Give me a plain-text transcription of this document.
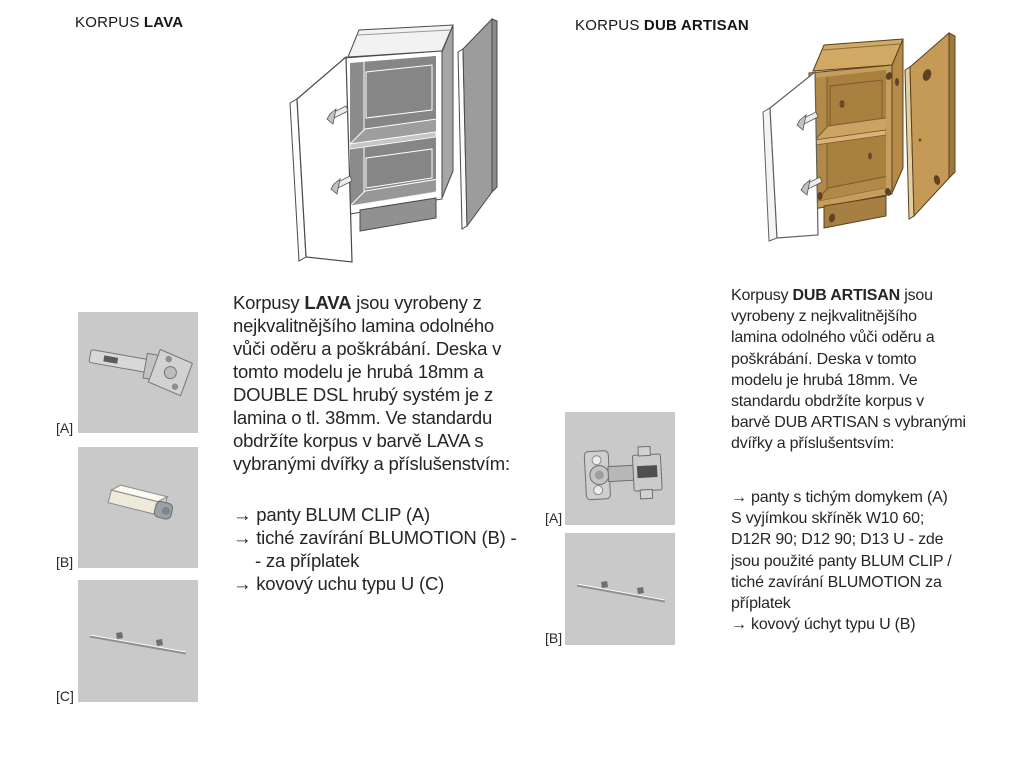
KORPUS LAVA
[A]
[B]
[C]
Korpusy LAVA jsou vyrobeny z
nejkvalitnějšího lamina odolného
vůči oděru a poškrábání. Deska v
tomto modelu je hrubá 18mm a
DOUBLE DSL hrubý systém je z
lamina o tl. 38mm. Ve standardu
obdržíte korpus v barvě LAVA s
vybranými dvířky a příslušenstvím:
→ panty BLUM CLIP (A)
→ tiché zavírání BLUMOTION (B) -
- za příplatek
→ kovový uchu typu U (C)
KORPUS DUB ARTISAN
Korpusy DUB ARTISAN jsou
vyrobeny z nejkvalitnějšího
lamina odolného vůči oděru a
poškrábání. Deska v tomto
modelu je hrubá 18mm. Ve
standardu obdržíte korpus v
barvě DUB ARTISAN s vybranými
dvířky a příslušentsvím:
→ panty s tichým domykem (A)
S vyjímkou skříněk W10 60;
D12R 90; D12 90; D13 U - zde
jsou použité panty BLUM CLIP /
tiché zavírání BLUMOTION za
příplatek
→ kovový úchyt typu U (B)
[A]
[B]
